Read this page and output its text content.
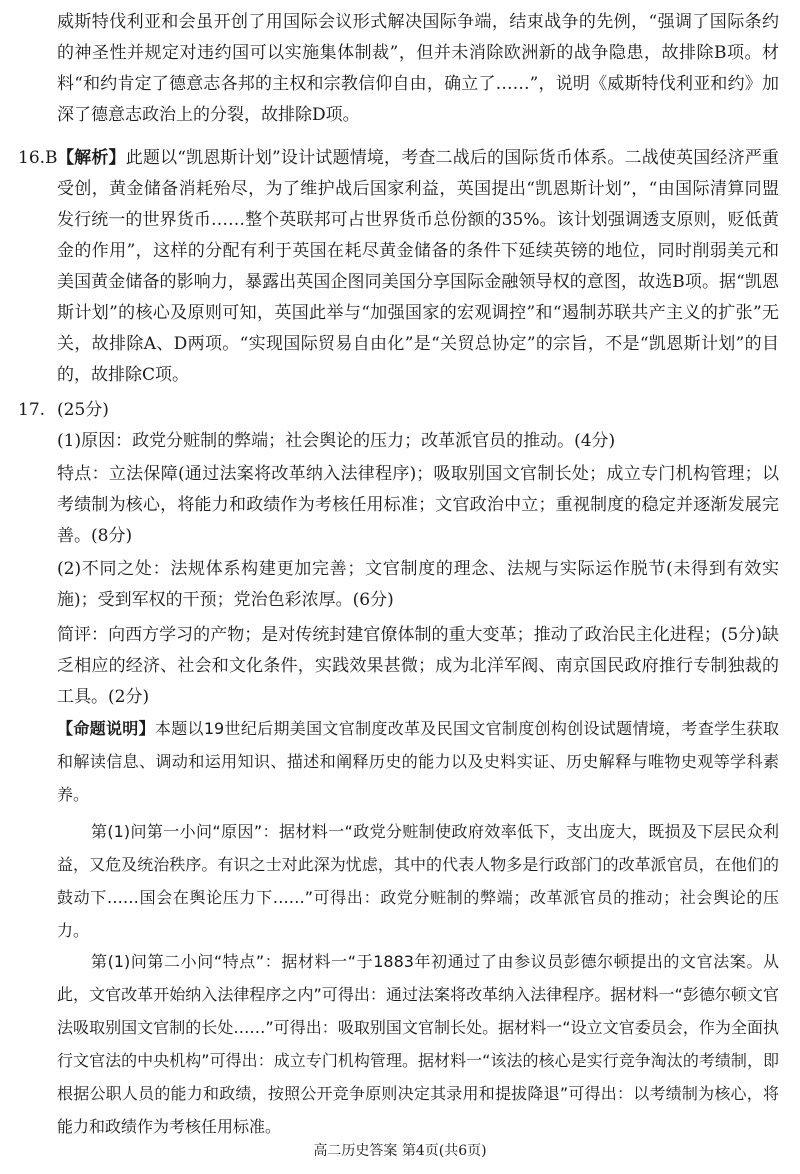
威斯特伐利亚和会虽开创了用国际会议形式解决国际争端，结束战争的先例，“强调了国际条约的神圣性并规定对违约国可以实施集体制裁”，但并未消除欧洲新的战争隐患，故排除B项。材料“和约肯定了德意志各邦的主权和宗教信仰自由，确立了……”，说明《威斯特伐利亚和约》加深了德意志政治上的分裂，故排除D项。

16.B 【解析】此题以“凯恩斯计划”设计试题情境，考查二战后的国际货币体系。二战使英国经济严重受创，黄金储备消耗殆尽，为了维护战后国家利益，英国提出“凯恩斯计划”，“由国际清算同盟发行统一的世界货币……整个英联邦可占世界货币总份额的35%。该计划强调透支原则，贬低黄金的作用”，这样的分配有利于英国在耗尽黄金储备的条件下延续英镑的地位，同时削弱美元和美国黄金储备的影响力，暴露出英国企图同美国分享国际金融领导权的意图，故选B项。据“凯恩斯计划”的核心及原则可知，英国此举与“加强国家的宏观调控”和“遏制苏联共产主义的扩张”无关，故排除A、D两项。“实现国际贸易自由化”是“关贸总协定”的宗旨，不是“凯恩斯计划”的目的，故排除C项。

17. (25分)

(1)原因：政党分赃制的弊端；社会舆论的压力；改革派官员的推动。(4分)

特点：立法保障(通过法案将改革纳入法律程序)；吸取别国文官制长处；成立专门机构管理；以考绩制为核心，将能力和政绩作为考核任用标准；文官政治中立；重视制度的稳定并逐渐发展完善。(8分)

(2)不同之处：法规体系构建更加完善；文官制度的理念、法规与实际运作脱节(未得到有效实施)；受到军权的干预；党治色彩浓厚。(6分)

简评：向西方学习的产物；是对传统封建官僚体制的重大变革；推动了政治民主化进程；(5分)缺乏相应的经济、社会和文化条件，实践效果甚微；成为北洋军阀、南京国民政府推行专制独裁的工具。(2分)

【命题说明】本题以19世纪后期美国文官制度改革及民国文官制度创构创设试题情境，考查学生获取和解读信息、调动和运用知识、描述和阐释历史的能力以及史料实证、历史解释与唯物史观等学科素养。

第(1)问第一小问“原因”：据材料一“政党分赃制使政府效率低下，支出庞大，既损及下层民众利益，又危及统治秩序。有识之士对此深为忧虑，其中的代表人物多是行政部门的改革派官员，在他们的鼓动下……国会在舆论压力下……”可得出：政党分赃制的弊端；改革派官员的推动；社会舆论的压力。

第(1)问第二小问“特点”：据材料一“于1883年初通过了由参议员彭德尔顿提出的文官法案。从此，文官改革开始纳入法律程序之内”可得出：通过法案将改革纳入法律程序。据材料一“彭德尔顿文官法吸取别国文官制的长处……”可得出：吸取别国文官制长处。据材料一“设立文官委员会，作为全面执行文官法的中央机构”可得出：成立专门机构管理。据材料一“该法的核心是实行竞争淘汰的考绩制，即根据公职人员的能力和政绩，按照公开竞争原则决定其录用和提拔降退”可得出：以考绩制为核心，将能力和政绩作为考核任用标准。

高二历史答案 第4页(共6页)
